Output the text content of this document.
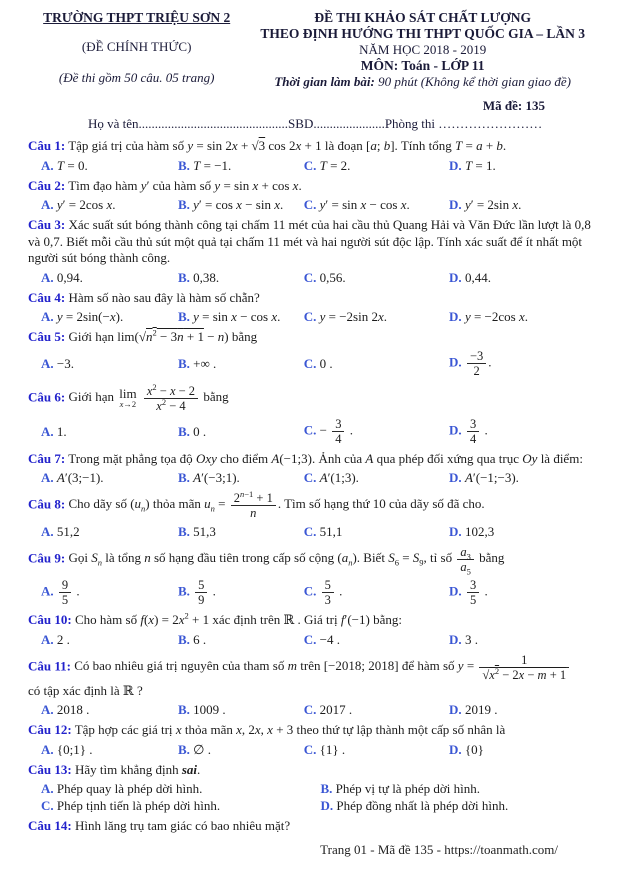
TRƯỜNG THPT TRIỆU SƠN 2
(ĐỀ CHÍNH THỨC)
(Đề thi gồm 50 câu. 05 trang)
ĐỀ THI KHẢO SÁT CHẤT LƯỢNG
THEO ĐỊNH HƯỚNG THI THPT QUỐC GIA – LẦN 3
NĂM HỌC 2018 - 2019
MÔN: Toán - LỚP 11
Thời gian làm bài: 90 phút (Không kể thời gian giao đề)
Mã đề: 135
Họ và tên..............................................SBD......................Phòng thi ……………………
Câu 1: Tập giá trị của hàm số y = sin 2x + √3 cos 2x + 1 là đoạn [a; b]. Tính tổng T = a + b.
A. T = 0.	B. T = −1.	C. T = 2.	D. T = 1.
Câu 2: Tìm đạo hàm y′ của hàm số y = sin x + cos x.
A. y′ = 2cos x.	B. y′ = cos x − sin x.	C. y′ = sin x − cos x.	D. y′ = 2sin x.
Câu 3: Xác suất sút bóng thành công tại chấm 11 mét của hai cầu thủ Quang Hải và Văn Đức lần lượt là 0,8 và 0,7. Biết mỗi cầu thủ sút một quả tại chấm 11 mét và hai người sút độc lập. Tính xác suất để ít nhất một người sút bóng thành công.
A. 0,94.	B. 0,38.	C. 0,56.	D. 0,44.
Câu 4: Hàm số nào sau đây là hàm số chẵn?
A. y = 2sin(−x).	B. y = sin x − cos x.	C. y = −2sin 2x.	D. y = −2cos x.
Câu 5: Giới hạn $\lim(√n^2 - 3n + 1 - n)$ bằng
A. −3.	B. +∞ .	C. 0 .	D. $\frac{-3}{2}$ .
Câu 6: Giới hạn lim
x→2
$\frac{x^2 - x - 2}{x^2 - 4}$ bằng
A. 1.	B. 0 .	C. − $\frac{3}{4}$ .	D. $\frac{3}{4}$ .
Câu 7: Trong mặt phẳng tọa độ Oxy cho điểm A(−1;3). Ảnh của A qua phép đối xứng qua trục Oy là điểm:
A. A′(3;−1).	B. A′(−3;1).	C. A′(1;3).	D. A′(−1;−3).
Câu 8: Cho dãy số $(u_n)$ thỏa mãn $u_n = \frac{2^{n-1} + 1}{n}$ . Tìm số hạng thứ 10 của dãy số đã cho.
A. 51,2	B. 51,3	C. 51,1	D. 102,3
Câu 9: Gọi $S_n$ là tổng n số hạng đầu tiên trong cấp số cộng $(a_n)$. Biết $S_6 = S_9$, tỉ số $\frac{a_3}{a_5}$ bằng
A. $\frac{9}{5}$ .	B. $\frac{5}{9}$ .	C. $\frac{5}{3}$ .	D. $\frac{3}{5}$ .
Câu 10: Cho hàm số $f(x) = 2x^2 + 1$ xác định trên ℝ . Giá trị f′(−1) bằng:
A. 2 .	B. 6 .	C. −4 .	D. 3 .
Câu 11: Có bao nhiêu giá trị nguyên của tham số m trên [−2018; 2018] để hàm số $y = \frac{1}{√x^2 - 2x - m + 1}$

có tập xác định là ℝ ?
A. 2018 .	B. 1009 .	C. 2017 .	D. 2019 .
Câu 12: Tập hợp các giá trị x thỏa mãn x, 2x, x + 3 theo thứ tự lập thành một cấp số nhân là
A. {0;1} .	B. ∅ .	C. {1} .	D. {0}
Câu 13: Hãy tìm khẳng định sai.
A. Phép quay là phép dời hình.	B. Phép vị tự là phép dời hình.
C. Phép tịnh tiến là phép dời hình.	D. Phép đồng nhất là phép dời hình.
Câu 14: Hình lăng trụ tam giác có bao nhiêu mặt?
Trang 01 - Mã đề 135 - https://toanmath.com/
